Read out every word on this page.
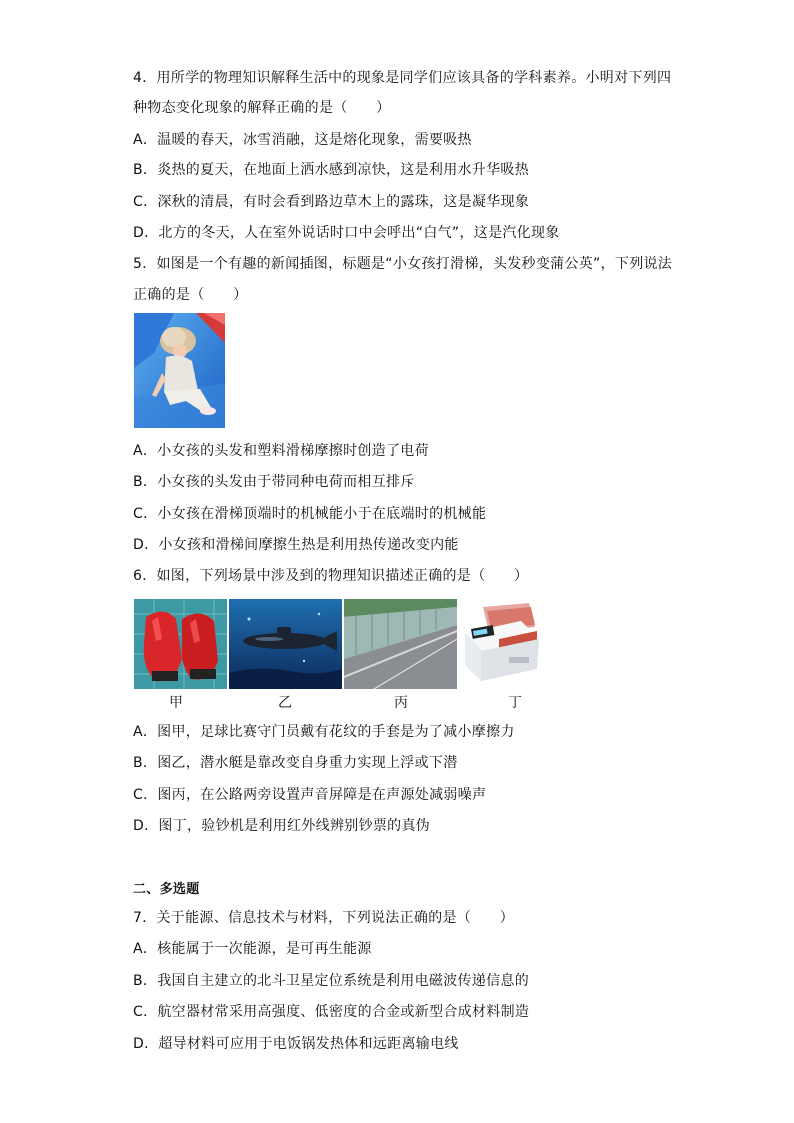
4．用所学的物理知识解释生活中的现象是同学们应该具备的学科素养。小明对下列四
种物态变化现象的解释正确的是（　　）
A．温暖的春天，冰雪消融，这是熔化现象，需要吸热
B．炎热的夏天，在地面上洒水感到凉快，这是利用水升华吸热
C．深秋的清晨，有时会看到路边草木上的露珠，这是凝华现象
D．北方的冬天，人在室外说话时口中会呼出“白气”，这是汽化现象
5．如图是一个有趣的新闻插图，标题是“小女孩打滑梯，头发秒变蒲公英”，下列说法
正确的是（　　）
A．小女孩的头发和塑料滑梯摩擦时创造了电荷
B．小女孩的头发由于带同种电荷而相互排斥
C．小女孩在滑梯顶端时的机械能小于在底端时的机械能
D．小女孩和滑梯间摩擦生热是利用热传递改变内能
6．如图，下列场景中涉及到的物理知识描述正确的是（　　）
甲	乙	丙	丁
A．图甲，足球比赛守门员戴有花纹的手套是为了减小摩擦力
B．图乙，潜水艇是靠改变自身重力实现上浮或下潜
C．图丙，在公路两旁设置声音屏障是在声源处减弱噪声
D．图丁，验钞机是利用红外线辨别钞票的真伪
二、多选题
7．关于能源、信息技术与材料，下列说法正确的是（　　）
A．核能属于一次能源，是可再生能源
B．我国自主建立的北斗卫星定位系统是利用电磁波传递信息的
C．航空器材常采用高强度、低密度的合金或新型合成材料制造
D．超导材料可应用于电饭锅发热体和远距离输电线
